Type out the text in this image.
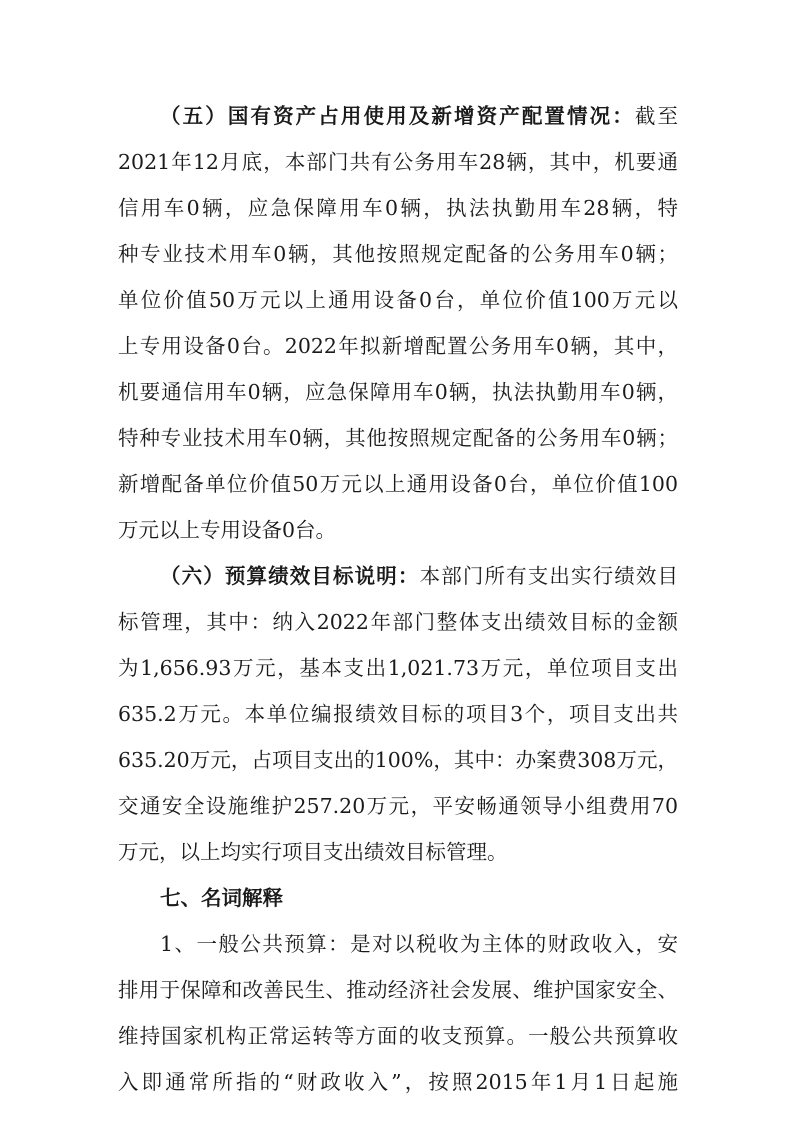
（五）国有资产占用使用及新增资产配置情况：截至
2021年12月底，本部门共有公务用车28辆，其中，机要通
信用车0辆，应急保障用车0辆，执法执勤用车28辆，特
种专业技术用车0辆，其他按照规定配备的公务用车0辆；
单位价值50万元以上通用设备0台，单位价值100万元以
上专用设备0台。2022年拟新增配置公务用车0辆，其中，
机要通信用车0辆，应急保障用车0辆，执法执勤用车0辆，
特种专业技术用车0辆，其他按照规定配备的公务用车0辆；
新增配备单位价值50万元以上通用设备0台，单位价值100
万元以上专用设备0台。
（六）预算绩效目标说明：本部门所有支出实行绩效目
标管理，其中：纳入2022年部门整体支出绩效目标的金额
为1,656.93万元，基本支出1,021.73万元，单位项目支出
635.2万元。本单位编报绩效目标的项目3个，项目支出共
635.20万元，占项目支出的100%，其中：办案费308万元，
交通安全设施维护257.20万元，平安畅通领导小组费用70
万元，以上均实行项目支出绩效目标管理。
七、名词解释
1、一般公共预算：是对以税收为主体的财政收入，安
排用于保障和改善民生、推动经济社会发展、维护国家安全、
维持国家机构正常运转等方面的收支预算。一般公共预算收
入即通常所指的“财政收入”，按照2015年1月1日起施
